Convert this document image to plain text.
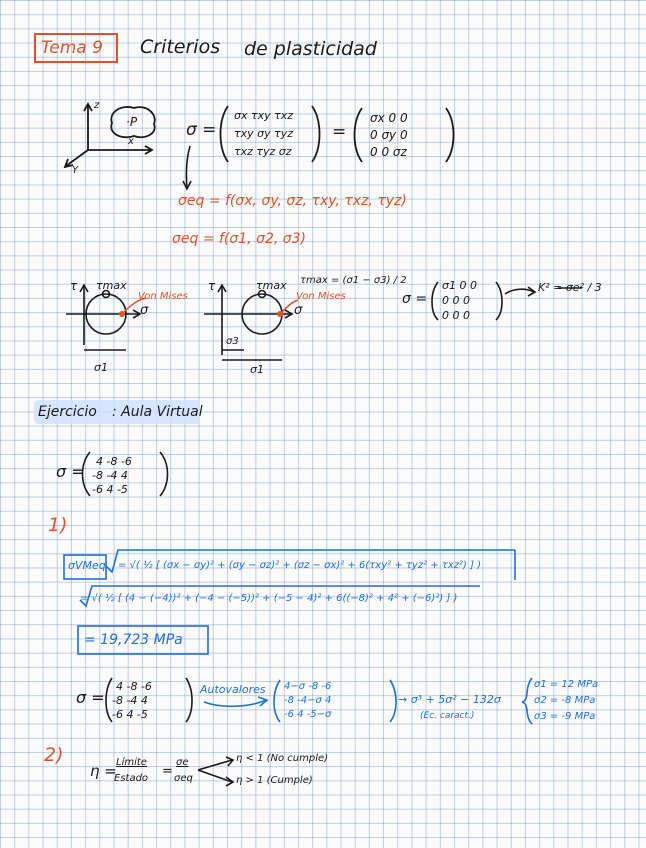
Tema 9 Criterios de plasticidad
z
x
Y
·P	σ =
σx τxy τxz
τxy σy τyz
τxz τyz σz
=
σx 0 0
0 σy 0
0 0 σz
σeq = f(σx, σy, σz, τxy, τxz, τyz)
σeq = f(σ1, σ2, σ3)
τ τmax
Von Mises
σ
σ1
τ	τmax
Von Mises
σ
σ3
σ1
τmax = (σ1 − σ3) / 2
σ =
σ1 0 0
0 0 0
0 0 0
K² = σe² / 3
Ejercicio : Aula Virtual
σ =
4 -8 -6
-8 -4 4
-6 4 -5
1)
σVMeq = √( ½ [ (σx − σy)² + (σy − σz)² + (σz − σx)² + 6(τxy² + τyz² + τxz²) ] )
= √( ½ [ (4 − (−4))² + (−4 − (−5))² + (−5 − 4)² + 6((−8)² + 4² + (−6)²) ] )
= 19,723 MPa
σ =
4 -8 -6
-8 -4 4
-6 4 -5
Autovalores 4−σ -8 -6
-8 -4−σ 4
-6 4 -5−σ
→ σ³ + 5σ² − 132σ
(Ec. caract.)
σ1 = 12 MPa
σ2 = -8 MPa
σ3 = -9 MPa
2)
η = Límite
Estado =
σe
σeq
η < 1 (No cumple)
η > 1 (Cumple)
